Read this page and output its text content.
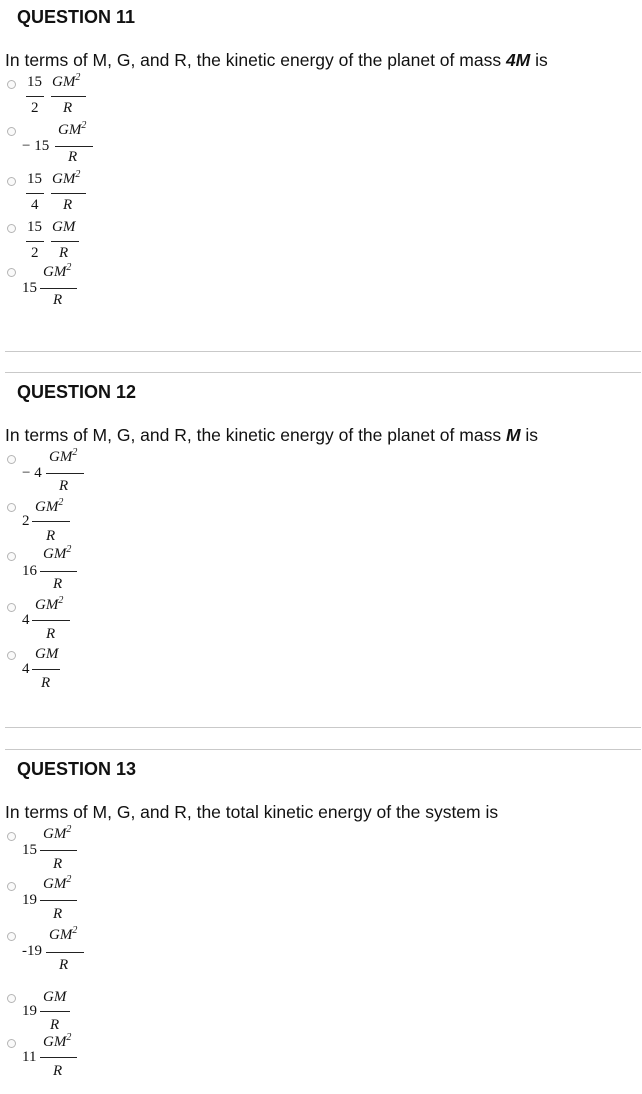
QUESTION 11
In terms of M, G, and R, the kinetic energy of the planet of mass 4M is
15
2
$GM^2$
R
− 15
$GM^2$
R
15
4
$GM^2$
R
15
2
GM
R
15
$GM^2$
R
QUESTION 12
In terms of M, G, and R, the kinetic energy of the planet of mass M is
− 4
$GM^2$
R
2
$GM^2$
R
16
$GM^2$
R
4
$GM^2$
R
4
GM
R
QUESTION 13
In terms of M, G, and R, the total kinetic energy of the system is
15
$GM^2$
R
19
$GM^2$
R
-19
$GM^2$
R
19
GM
R
11
$GM^2$
R
